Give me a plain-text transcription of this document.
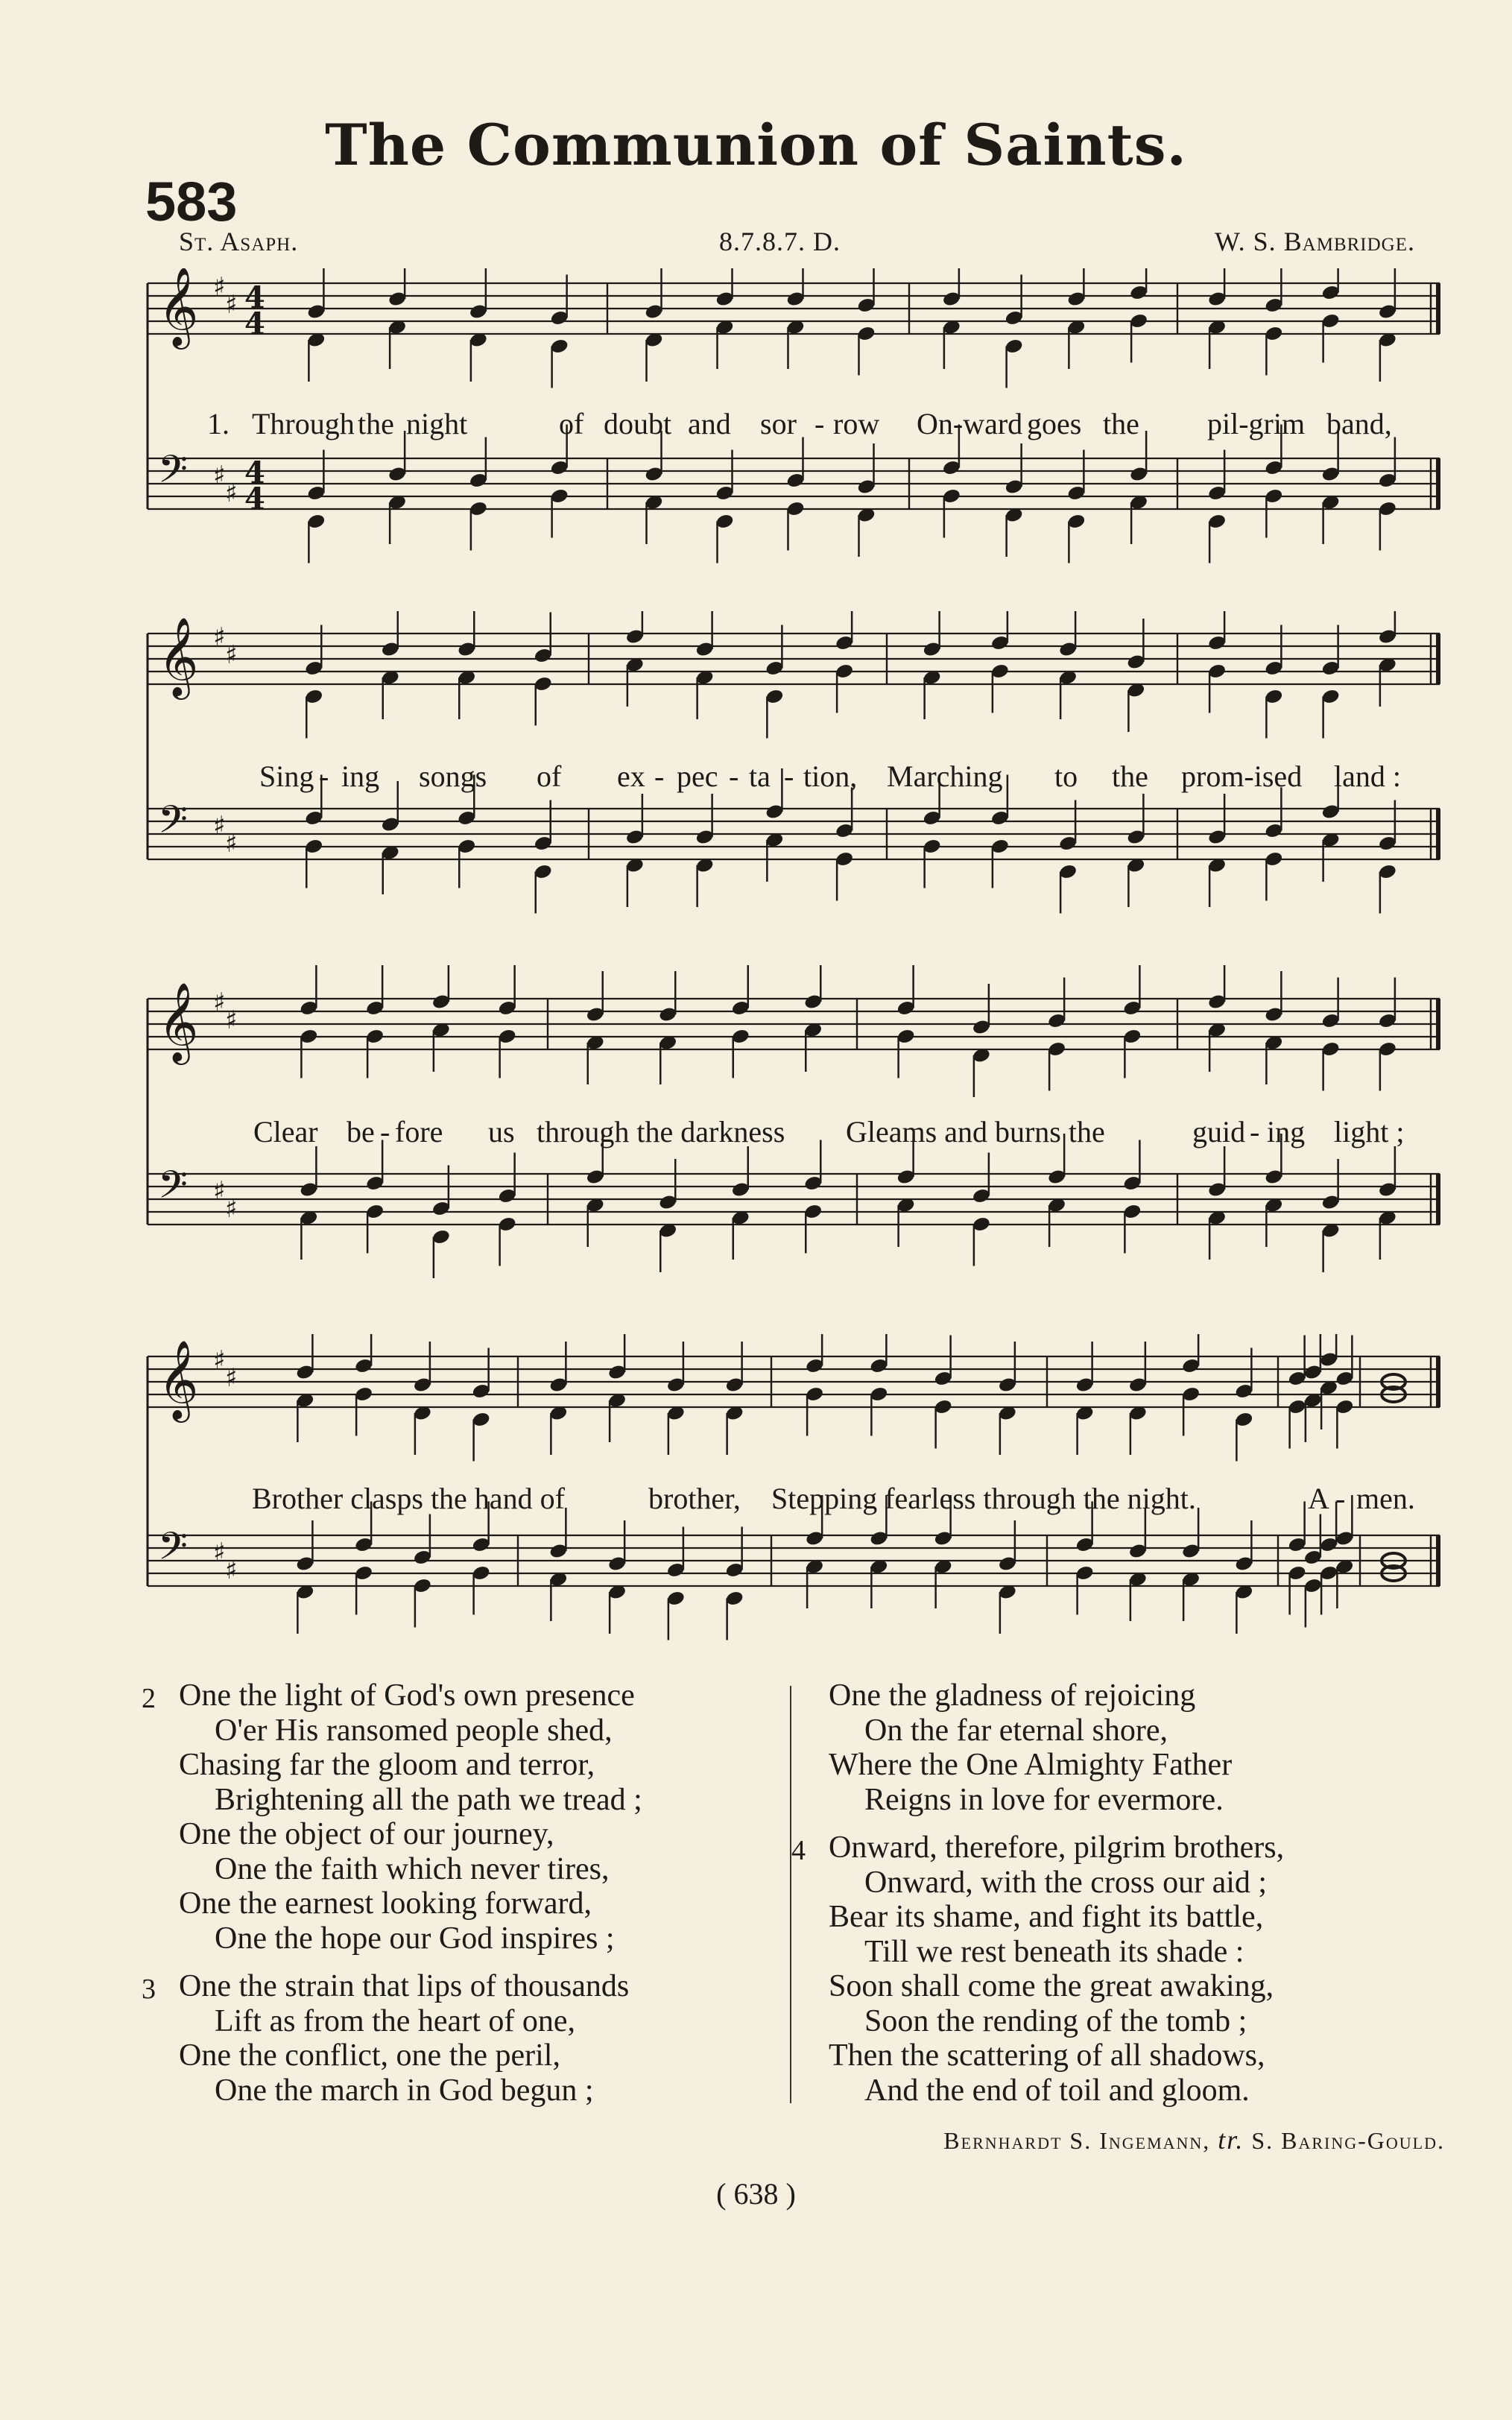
The Communion of Saints.
583
St. Asaph.	8.7.8.7. D.	W. S. Bambridge.
𝄞 ♯
♯ 4
4
𝄢 ♯
♯
4
4
1. Through the night	of doubt and sor - row On-ward goes the pil-grim band,
𝄞 ♯
♯
𝄢 ♯
♯
Sing - ing songs of ex - pec - ta - tion, Marching to the prom-ised land :
𝄞 ♯
♯
𝄢 ♯
♯
Clear be - fore us through the darkness Gleams and burns the	guid - ing light ;
𝄞 ♯
♯
𝄢 ♯
♯
Brother clasps the hand of	brother, Stepping fearless through the night.	A - men.
2 One the light of God's own presence
O'er His ransomed people shed,
Chasing far the gloom and terror,
Brightening all the path we tread ;
One the object of our journey,
One the faith which never tires,
One the earnest looking forward,
One the hope our God inspires ;
3 One the strain that lips of thousands
Lift as from the heart of one,
One the conflict, one the peril,
One the march in God begun ;
One the gladness of rejoicing
On the far eternal shore,
Where the One Almighty Father
Reigns in love for evermore.
4 Onward, therefore, pilgrim brothers,
Onward, with the cross our aid ;
Bear its shame, and fight its battle,
Till we rest beneath its shade :
Soon shall come the great awaking,
Soon the rending of the tomb ;
Then the scattering of all shadows,
And the end of toil and gloom.
Bernhardt S. Ingemann, tr. S. Baring-Gould.
( 638 )
